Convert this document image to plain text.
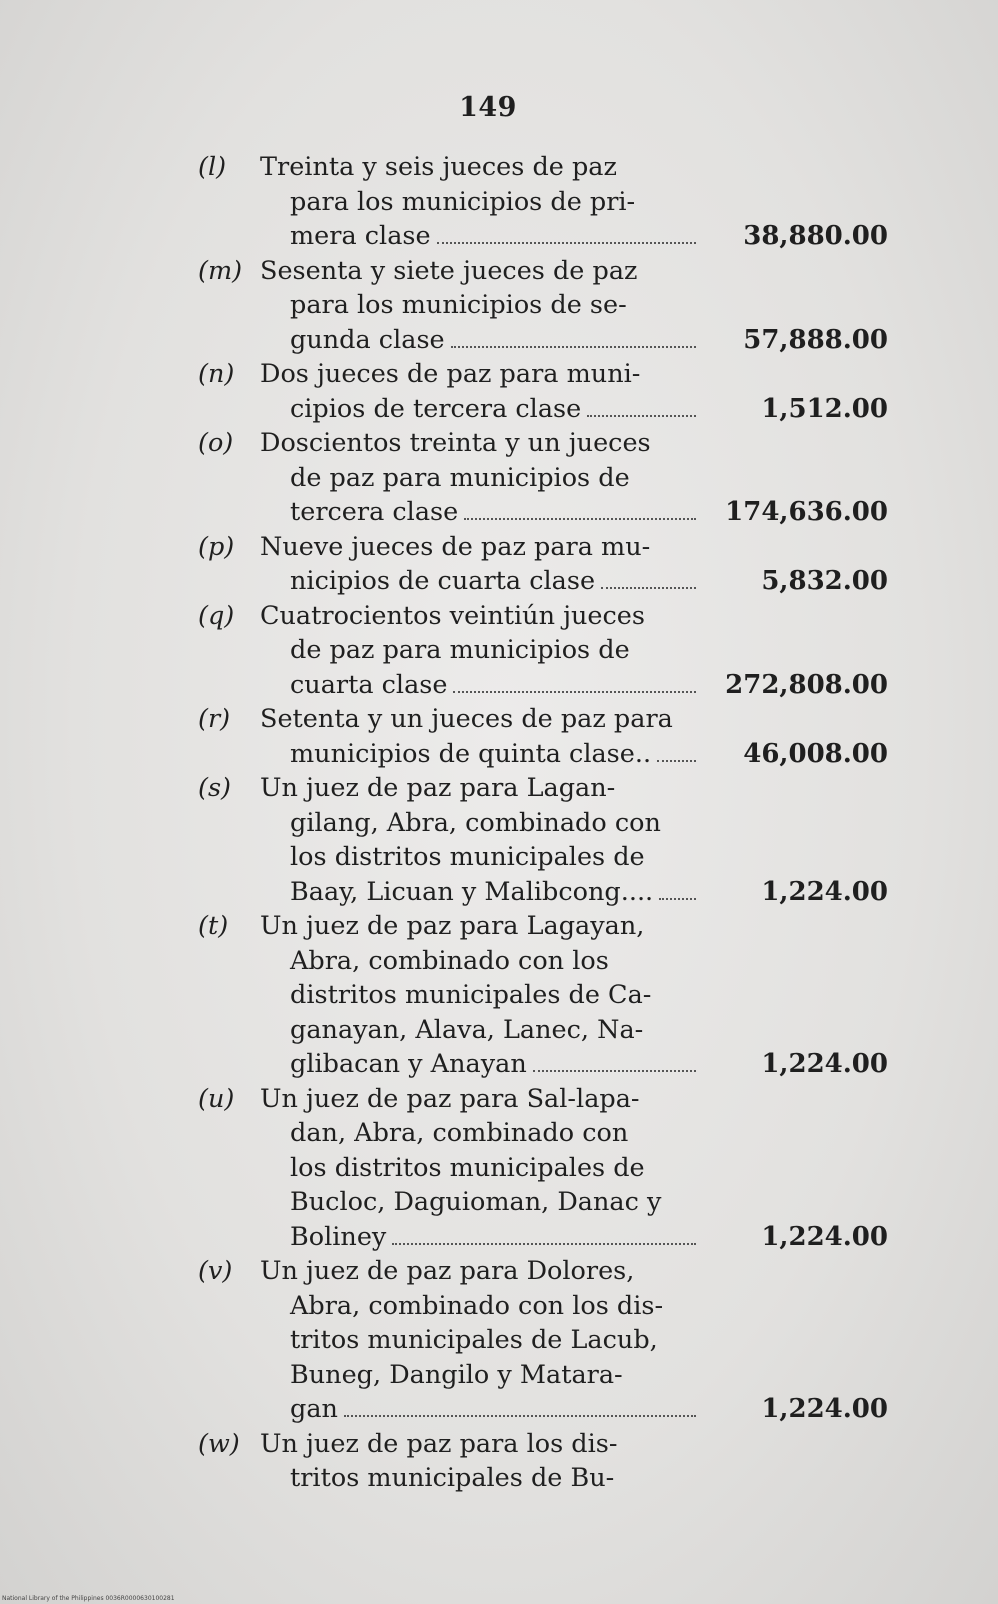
149
(l) Treinta y seis jueces de paz
para los municipios de pri-
mera clase	38,880.00
(m) Sesenta y siete jueces de paz
para los municipios de se-
gunda clase	57,888.00
(n) Dos jueces de paz para muni-
cipios de tercera clase	1,512.00
(o) Doscientos treinta y un jueces
de paz para municipios de
tercera clase	174,636.00
(p) Nueve jueces de paz para mu-
nicipios de cuarta clase	5,832.00
(q) Cuatrocientos veintiún jueces
de paz para municipios de
cuarta clase	272,808.00
(r) Setenta y un jueces de paz para
municipios de quinta clase..	46,008.00
(s) Un juez de paz para Lagan-
gilang, Abra, combinado con
los distritos municipales de
Baay, Licuan y Malibcong....	1,224.00
(t) Un juez de paz para Lagayan,
Abra, combinado con los
distritos municipales de Ca-
ganayan, Alava, Lanec, Na-
glibacan y Anayan	1,224.00
(u) Un juez de paz para Sal-lapa-
dan, Abra, combinado con
los distritos municipales de
Bucloc, Daguioman, Danac y
Boliney	1,224.00
(v) Un juez de paz para Dolores,
Abra, combinado con los dis-
tritos municipales de Lacub,
Buneg, Dangilo y Matara-
gan	1,224.00
(w) Un juez de paz para los dis-
tritos municipales de Bu-
National Library of the Philippines 0036R0000630100281
